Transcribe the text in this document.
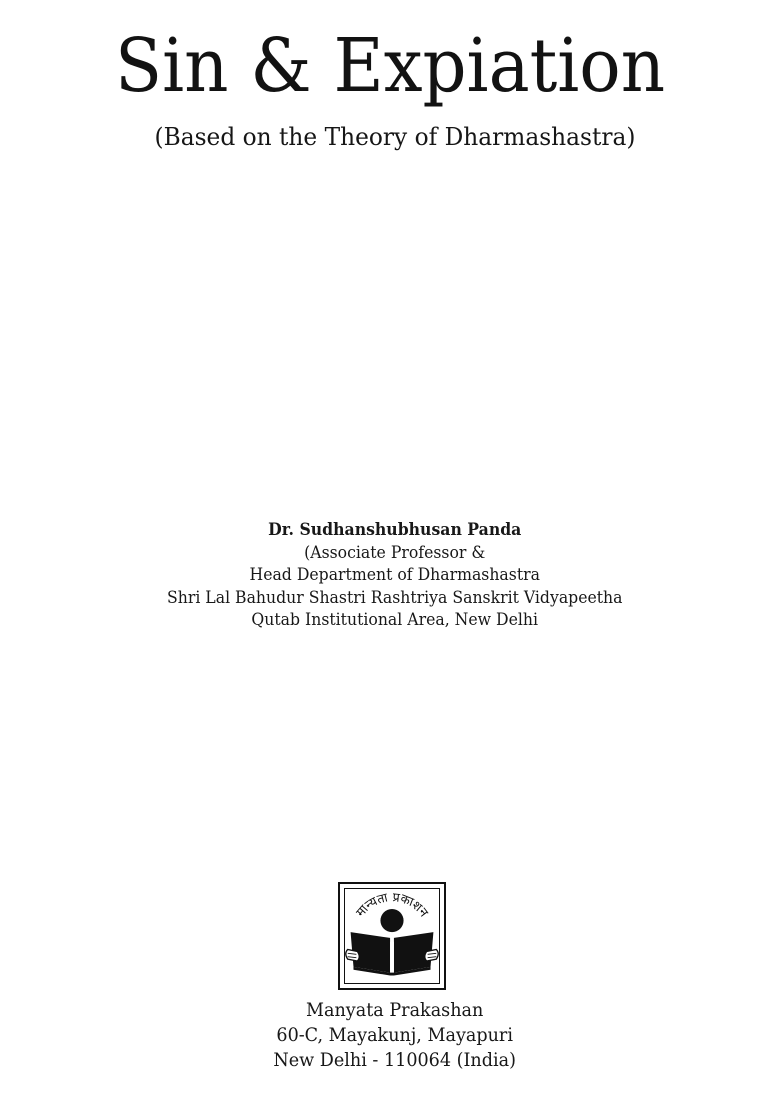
Sin & Expiation
(Based on the Theory of Dharmashastra)
Dr. Sudhanshubhusan Panda
(Associate Professor &
Head Department of Dharmashastra
Shri Lal Bahudur Shastri Rashtriya Sanskrit Vidyapeetha
Qutab Institutional Area, New Delhi
मान्यता प्रकाशन
Manyata Prakashan
60-C, Mayakunj, Mayapuri
New Delhi - 110064 (India)
